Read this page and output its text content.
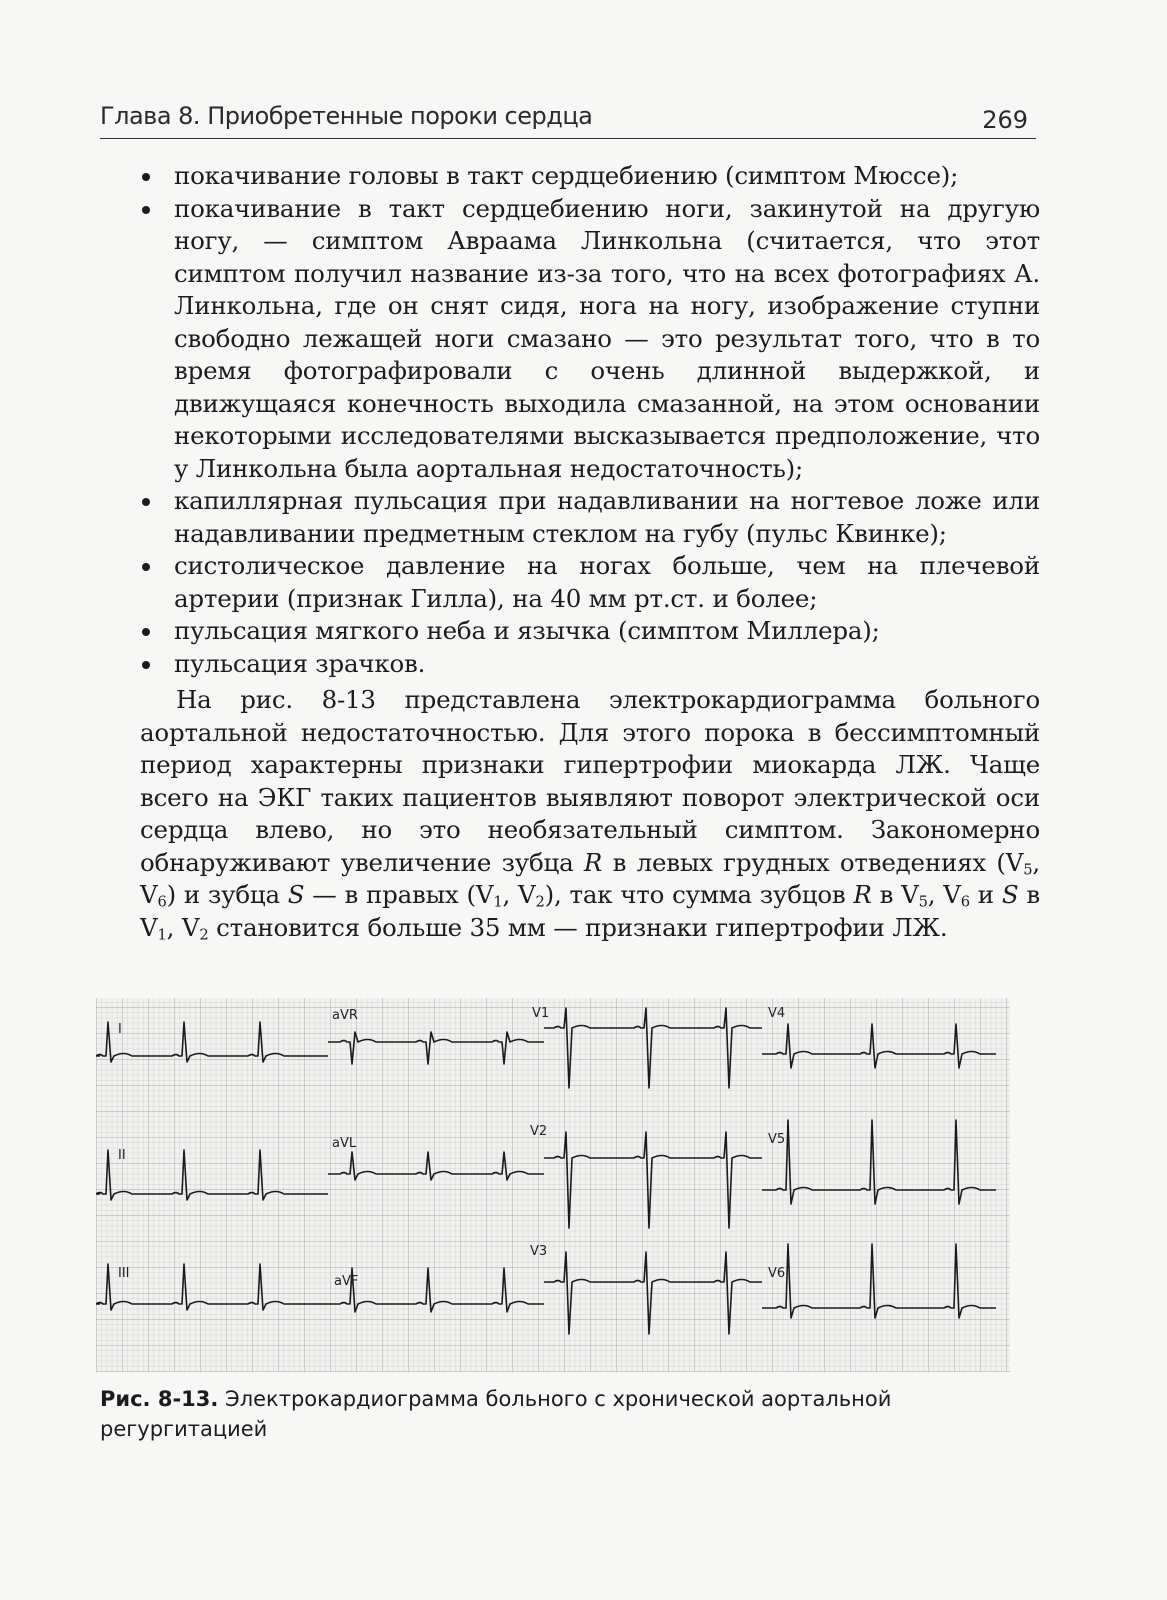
Глава 8. Приобретенные пороки сердца	269
покачивание головы в такт сердцебиению (симптом Мюссе);
покачивание в такт сердцебиению ноги, закинутой на другую ногу, — симптом Авраама Линкольна (считается, что этот симптом получил название из-за того, что на всех фотографиях А. Линкольна, где он снят сидя, нога на ногу, изображение ступни свободно лежащей ноги смазано — это результат того, что в то время фотографировали с очень длинной выдержкой, и движущаяся конечность выходила смазанной, на этом основании некоторыми исследователями высказывается предположение, что у Линкольна была аортальная недостаточность);
капиллярная пульсация при надавливании на ногтевое ложе или надавливании предметным стеклом на губу (пульс Квинке);
систолическое давление на ногах больше, чем на плечевой артерии (признак Гилла), на 40 мм рт.ст. и более;
пульсация мягкого неба и язычка (симптом Миллера);
пульсация зрачков.

На рис. 8-13 представлена электрокардиограмма больного аортальной недостаточностью. Для этого порока в бессимптомный период характерны признаки гипертрофии миокарда ЛЖ. Чаще всего на ЭКГ таких пациентов выявляют поворот электрической оси сердца влево, но это необязательный симптом. Закономерно обнаруживают увеличение зубца R в левых грудных отведениях ($V_5$, $V_6$) и зубца S — в правых ($V_1$, $V_2$), так что сумма зубцов R в $V_5$, $V_6$ и S в $V_1$, $V_2$ становится больше 35 мм — признаки гипертрофии ЛЖ.

I
aVR	V1	V4
II
aVL
V2
V5
III
aVF
V3
V6
Рис. 8-13. Электрокардиограмма больного с хронической аортальной регургитацией
